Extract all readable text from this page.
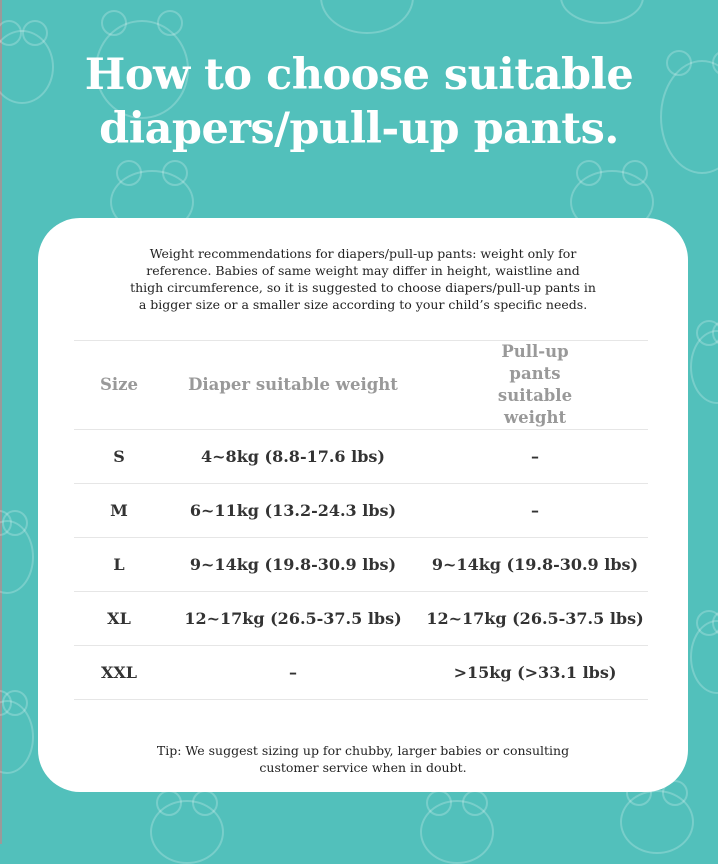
How to choose suitable diapers/pull-up pants.
Weight recommendations for diapers/pull-up pants: weight only for reference. Babies of same weight may differ in height, waistline and thigh circumference, so it is suggested to choose diapers/pull-up pants in a bigger size or a smaller size according to your child’s specific needs.
Size	Diaper suitable weight	Pull-up pants suitable weight
S	4~8kg (8.8-17.6 lbs)	–
M	6~11kg (13.2-24.3 lbs)	–
L	9~14kg (19.8-30.9 lbs)	9~14kg (19.8-30.9 lbs)
XL	12~17kg (26.5-37.5 lbs)	12~17kg (26.5-37.5 lbs)
XXL	–	>15kg (>33.1 lbs)
Tip: We suggest sizing up for chubby, larger babies or consulting customer service when in doubt.
